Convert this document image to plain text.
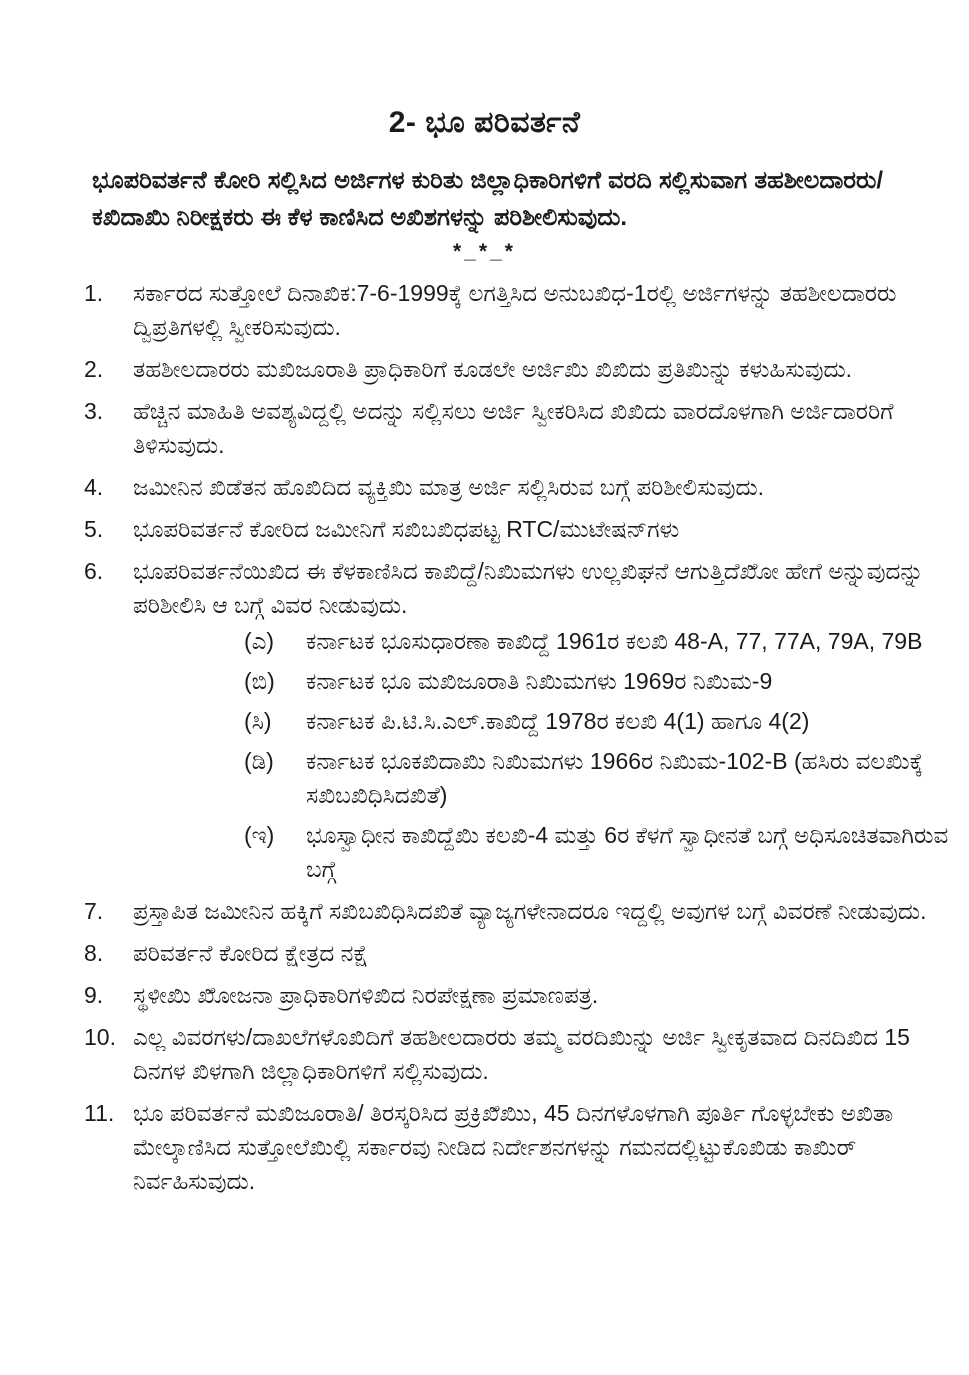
2- ಭೂ ಪರಿವರ್ತನೆ

ಭೂಪರಿವರ್ತನೆ ಕೋರಿ ಸಲ್ಲಿಸಿದ ಅರ್ಜಿಗಳ ಕುರಿತು ಜಿಲ್ಲಾಧಿಕಾರಿಗಳಿಗೆ ವರದಿ ಸಲ್ಲಿಸುವಾಗ ತಹಶೀಲದಾರರು/ಕಖಿದಾಖಿು ನಿರೀಕ್ಷಕರು ಈ ಕೆಳ ಕಾಣಿಸಿದ ಅಖಿಶಗಳನ್ನು ಪರಿಶೀಲಿಸುವುದು.

*_*_*
1.	ಸರ್ಕಾರದ ಸುತ್ತೋಲೆ ದಿನಾಖಿಕ:7-6-1999ಕ್ಕೆ ಲಗತ್ತಿಸಿದ ಅನುಬಖಿಧ-1ರಲ್ಲಿ ಅರ್ಜಿಗಳನ್ನು ತಹಶೀಲದಾರರು ದ್ವಿಪ್ರತಿಗಳಲ್ಲಿ ಸ್ವೀಕರಿಸುವುದು.
2.	ತಹಶೀಲದಾರರು ಮಖಿಜೂರಾತಿ ಪ್ರಾಧಿಕಾರಿಗೆ ಕೂಡಲೇ ಅರ್ಜಿಖಿು ಖಿಖಿದು ಪ್ರತಿಖಿುನ್ನು ಕಳುಹಿಸುವುದು.
3.	ಹೆಚ್ಚಿನ ಮಾಹಿತಿ ಅವಶ್ಯವಿದ್ದಲ್ಲಿ ಅದನ್ನು ಸಲ್ಲಿಸಲು ಅರ್ಜಿ ಸ್ವೀಕರಿಸಿದ ಖಿಖಿದು ವಾರದೊಳಗಾಗಿ ಅರ್ಜಿದಾರರಿಗೆ ತಿಳಿಸುವುದು.
4.	ಜಮೀನಿನ ಖಿಡೆತನ ಹೊಖಿದಿದ ವ್ಯಕ್ತಿಖಿು ಮಾತ್ರ ಅರ್ಜಿ ಸಲ್ಲಿಸಿರುವ ಬಗ್ಗೆ ಪರಿಶೀಲಿಸುವುದು.
5.	ಭೂಪರಿವರ್ತನೆ ಕೋರಿದ ಜಮೀನಿಗೆ ಸಖಿಬಖಿಧಪಟ್ಟ RTC/ಮುಟೇಷನ್‌ಗಳು
6.	ಭೂಪರಿವರ್ತನೆಯಿಖಿದ ಈ ಕೆಳಕಾಣಿಸಿದ ಕಾಖಿದ್ದೆ/ನಿಖಿುಮಗಳು ಉಲ್ಲಖಿಘನೆ ಆಗುತ್ತಿದೆಖಿೋ ಹೇಗೆ ಅನ್ನುವುದನ್ನು ಪರಿಶೀಲಿಸಿ ಆ ಬಗ್ಗೆ ವಿವರ ನೀಡುವುದು.
(ಎ)	ಕರ್ನಾಟಕ ಭೂಸುಧಾರಣಾ ಕಾಖಿದ್ದೆ 1961ರ ಕಲಖಿ 48-A, 77, 77A, 79A, 79B
(ಬಿ)	ಕರ್ನಾಟಕ ಭೂ ಮಖಿಜೂರಾತಿ ನಿಖಿುಮಗಳು 1969ರ ನಿಖಿುಮ-9
(ಸಿ)	ಕರ್ನಾಟಕ ಪಿ.ಟಿ.ಸಿ.ಎಲ್.ಕಾಖಿದ್ದೆ 1978ರ ಕಲಖಿ 4(1) ಹಾಗೂ 4(2)
(ಡಿ)	ಕರ್ನಾಟಕ ಭೂಕಖಿದಾಖಿು ನಿಖಿುಮಗಳು 1966ರ ನಿಖಿುಮ-102-B (ಹಸಿರು ವಲಖಿುಕ್ಕೆ ಸಖಿಬಖಿಧಿಸಿದಖಿತೆ)
(ಇ)	ಭೂಸ್ವಾಧೀನ ಕಾಖಿದ್ದೆಖಿು ಕಲಖಿ-4 ಮತ್ತು 6ರ ಕೆಳಗೆ ಸ್ವಾಧೀನತೆ ಬಗ್ಗೆ ಅಧಿಸೂಚಿತವಾಗಿರುವ ಬಗ್ಗೆ
7.	ಪ್ರಸ್ತಾಪಿತ ಜಮೀನಿನ ಹಕ್ಕಿಗೆ ಸಖಿಬಖಿಧಿಸಿದಖಿತೆ ವ್ಯಾಜ್ಯಗಳೇನಾದರೂ ಇದ್ದಲ್ಲಿ ಅವುಗಳ ಬಗ್ಗೆ ವಿವರಣೆ ನೀಡುವುದು.
8.	ಪರಿವರ್ತನೆ ಕೋರಿದ ಕ್ಷೇತ್ರದ ನಕ್ಷೆ
9.	ಸ್ಥಳೀಖಿು ಖಿೋಜನಾ ಪ್ರಾಧಿಕಾರಿಗಳಿಖಿದ ನಿರಪೇಕ್ಷಣಾ ಪ್ರಮಾಣಪತ್ರ.
10. ಎಲ್ಲ ವಿವರಗಳು/ದಾಖಲೆಗಳೊಖಿದಿಗೆ ತಹಶೀಲದಾರರು ತಮ್ಮ ವರದಿಖಿುನ್ನು ಅರ್ಜಿ ಸ್ವೀಕೃತವಾದ ದಿನದಿಖಿದ 15 ದಿನಗಳ ಖಿಳಗಾಗಿ ಜಿಲ್ಲಾಧಿಕಾರಿಗಳಿಗೆ ಸಲ್ಲಿಸುವುದು.
11. ಭೂ ಪರಿವರ್ತನೆ ಮಖಿಜೂರಾತಿ/ ತಿರಸ್ಕರಿಸಿದ ಪ್ರಕ್ರಿಖಿೆಖಿುು, 45 ದಿನಗಳೊಳಗಾಗಿ ಪೂರ್ತಿ ಗೊಳ್ಳಬೇಕು ಅಖಿತಾ ಮೇಲ್ಕಾಣಿಸಿದ ಸುತ್ತೋಲೆಖಿುಲ್ಲಿ ಸರ್ಕಾರವು ನೀಡಿದ ನಿರ್ದೇಶನಗಳನ್ನು ಗಮನದಲ್ಲಿಟ್ಟುಕೊಖಿಡು ಕಾಖಿುರ್ ನಿರ್ವಹಿಸುವುದು.
